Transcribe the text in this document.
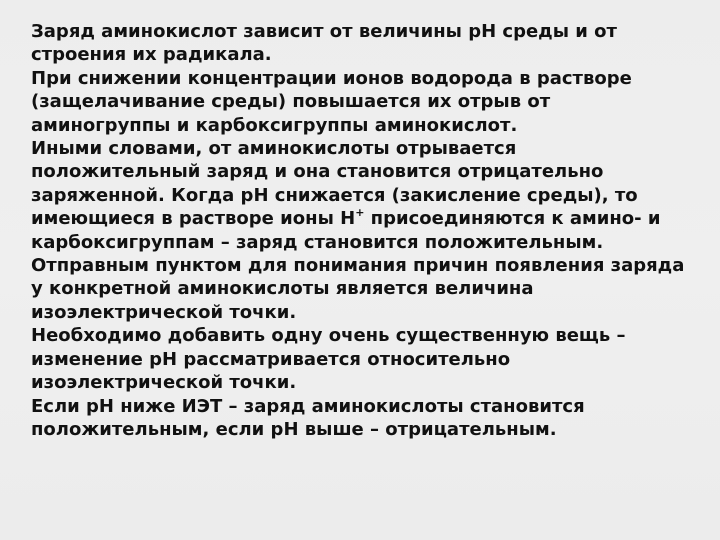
Заряд аминокислот зависит от величины рН среды и от
строения их радикала.
При снижении концентрации ионов водорода в растворе
(защелачивание среды) повышается их отрыв от
аминогруппы и карбоксигруппы аминокислот.
Иными словами, от аминокислоты отрывается
положительный заряд и она становится отрицательно
заряженной. Когда рН снижается (закисление среды), то
имеющиеся в растворе ионы Н+ присоединяются к амино- и
карбоксигруппам – заряд становится положительным.
Отправным пунктом для понимания причин появления заряда
у конкретной аминокислоты является величина
изоэлектрической точки.
Необходимо добавить одну очень существенную вещь –
изменение рН рассматривается относительно
изоэлектрической точки.
Если рН ниже ИЭТ – заряд аминокислоты становится
положительным, если рН выше – отрицательным.
